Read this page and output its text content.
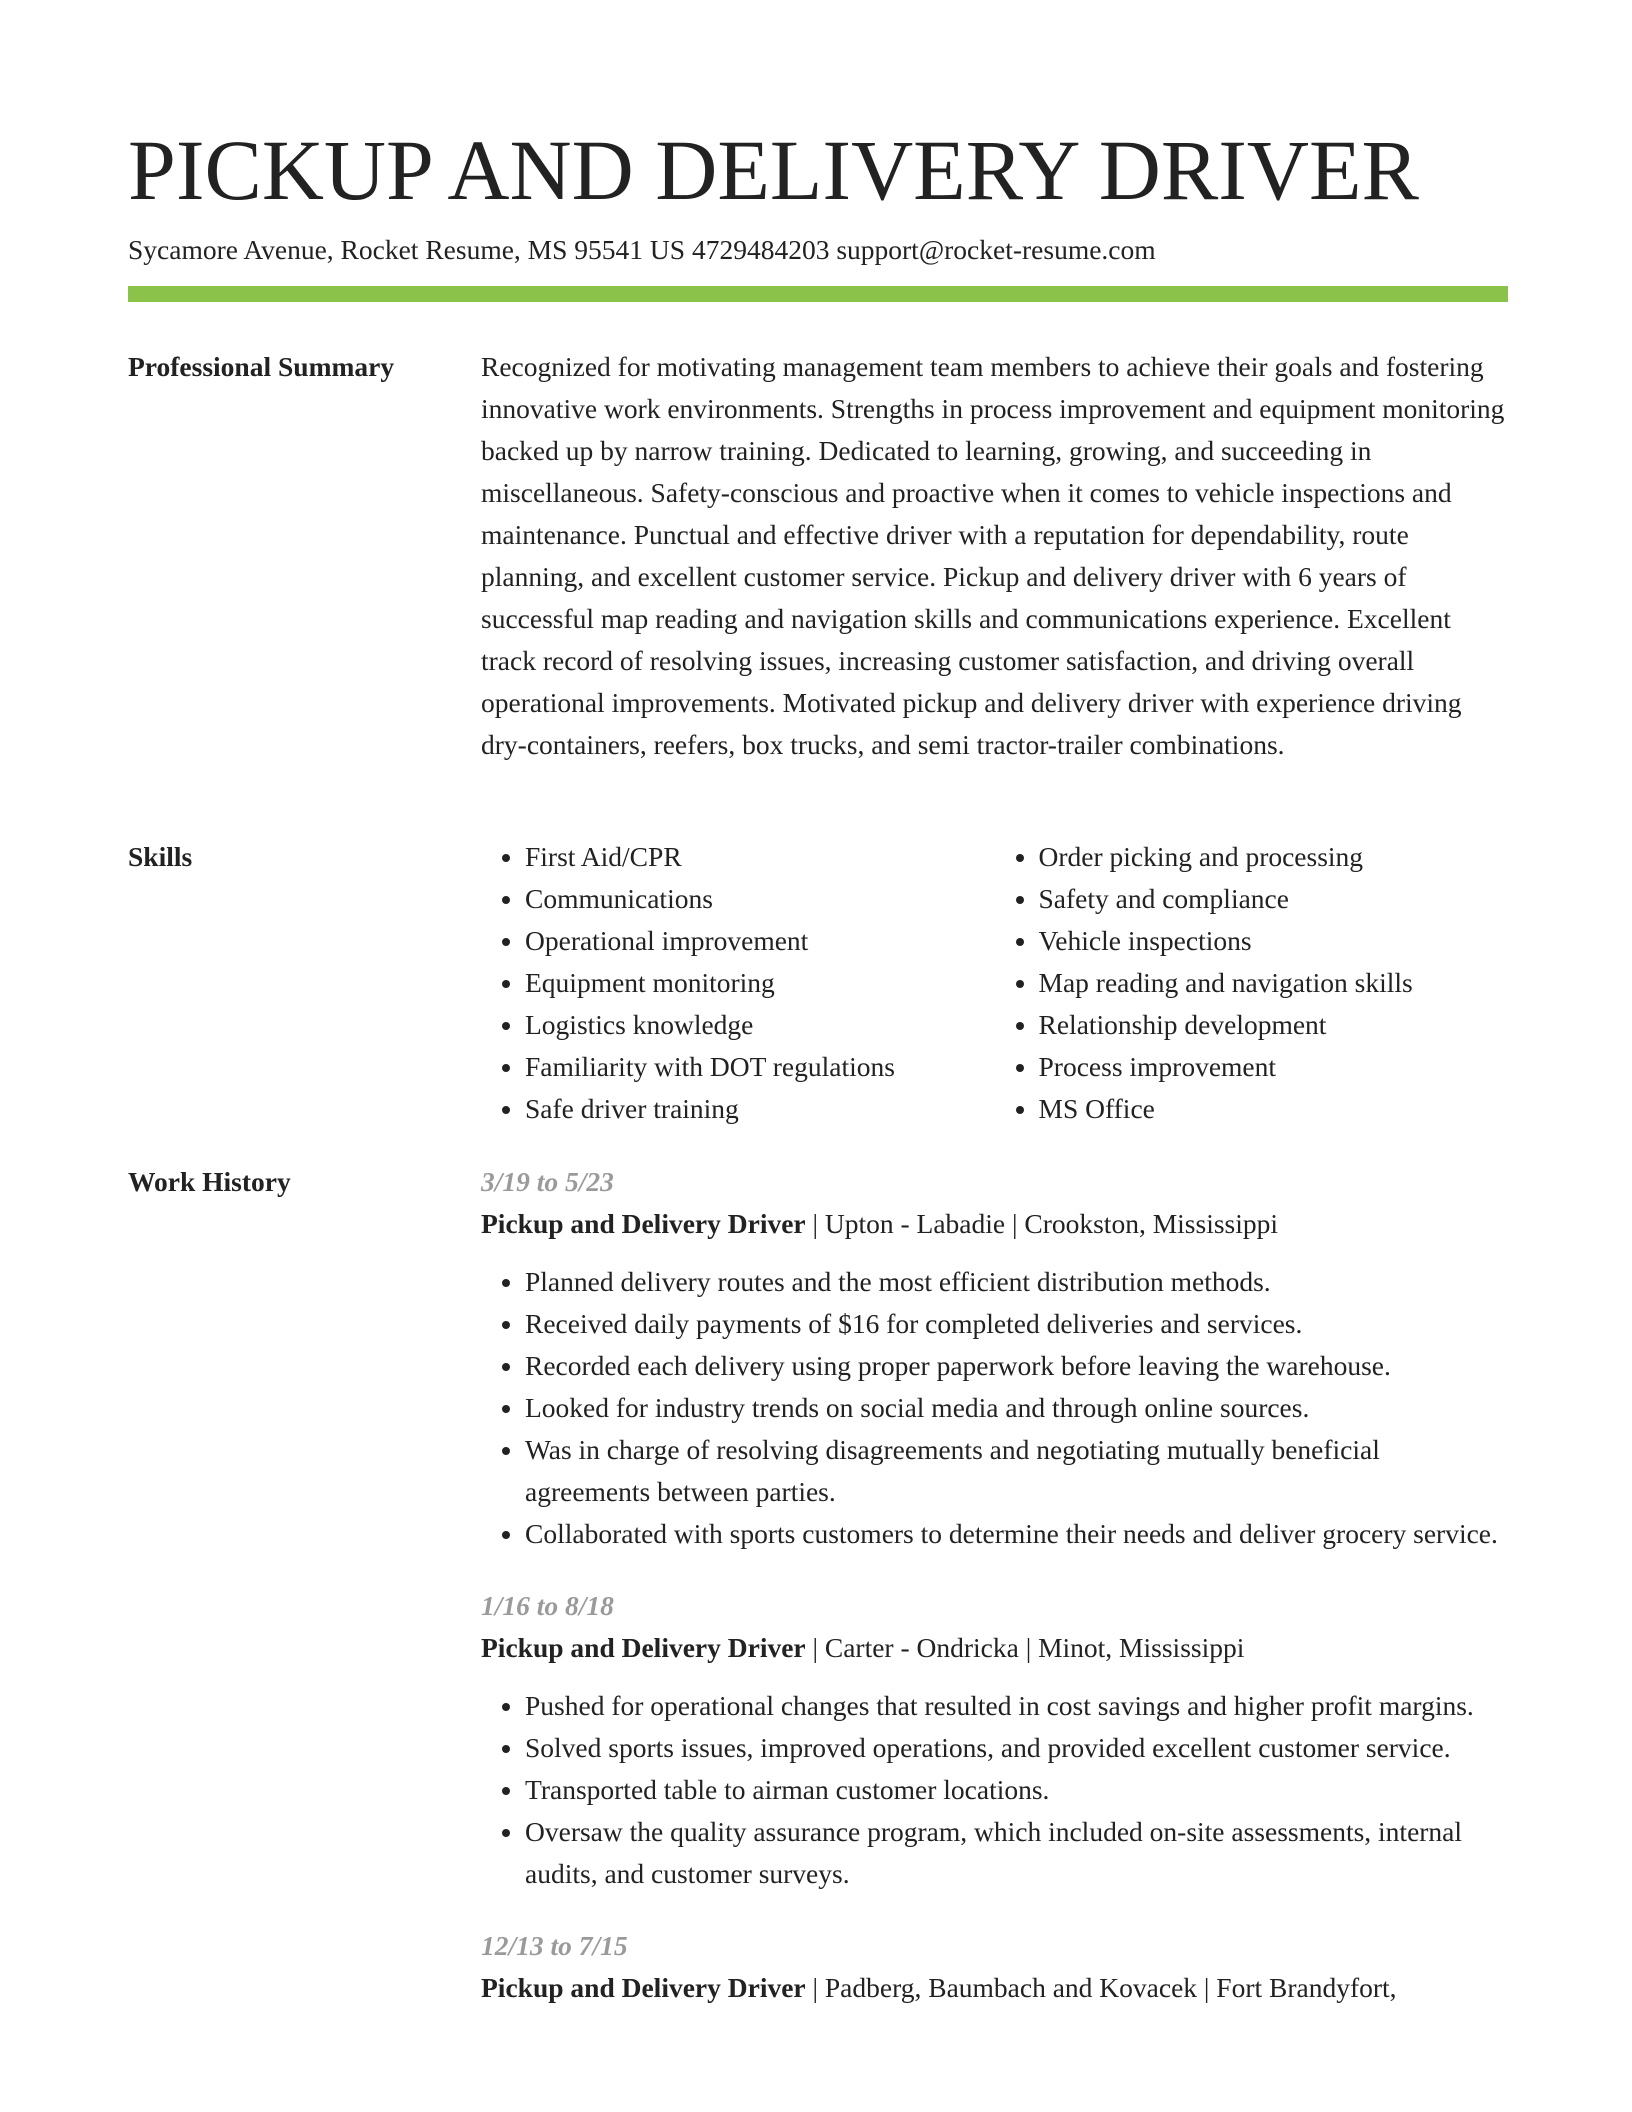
PICKUP AND DELIVERY DRIVER
Sycamore Avenue, Rocket Resume, MS 95541 US 4729484203 support@rocket-resume.com
Professional Summary	Recognized for motivating management team members to achieve their goals and fostering innovative work environments. Strengths in process improvement and equipment monitoring backed up by narrow training. Dedicated to learning, growing, and succeeding in miscellaneous. Safety-conscious and proactive when it comes to vehicle inspections and maintenance. Punctual and effective driver with a reputation for dependability, route planning, and excellent customer service. Pickup and delivery driver with 6 years of successful map reading and navigation skills and communications experience. Excellent track record of resolving issues, increasing customer satisfaction, and driving overall operational improvements. Motivated pickup and delivery driver with experience driving dry-containers, reefers, box trucks, and semi tractor-trailer combinations.

Skills
•	First Aid/CPR
• Communications
• Operational improvement
• Equipment monitoring
• Logistics knowledge
• Familiarity with DOT regulations
• Safe driver training
• Order picking and processing
• Safety and compliance
• Vehicle inspections
• Map reading and navigation skills
• Relationship development
• Process improvement
• MS Office
Work History	3/19 to 5/23
Pickup and Delivery Driver | Upton - Labadie | Crookston, Mississippi
• Planned delivery routes and the most efficient distribution methods.
• Received daily payments of $16 for completed deliveries and services.
• Recorded each delivery using proper paperwork before leaving the warehouse.
• Looked for industry trends on social media and through online sources.
• Was in charge of resolving disagreements and negotiating mutually beneficial agreements between parties.
• Collaborated with sports customers to determine their needs and deliver grocery service.
1/16 to 8/18
Pickup and Delivery Driver | Carter - Ondricka | Minot, Mississippi
• Pushed for operational changes that resulted in cost savings and higher profit margins.
• Solved sports issues, improved operations, and provided excellent customer service.
• Transported table to airman customer locations.
• Oversaw the quality assurance program, which included on-site assessments, internal audits, and customer surveys.
12/13 to 7/15
Pickup and Delivery Driver | Padberg, Baumbach and Kovacek | Fort Brandyfort,
